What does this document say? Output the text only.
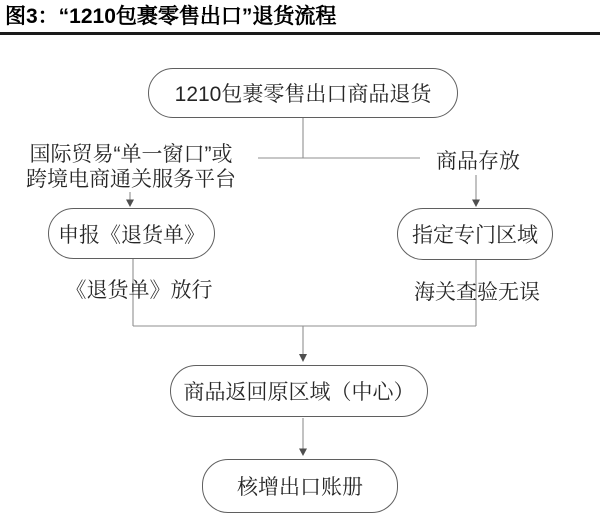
图3：“1210包裹零售出口”退货流程
1210包裹零售出口商品退货
国际贸易“单一窗口”或
跨境电商通关服务平台
商品存放
申报《退货单》	指定专门区域
《退货单》放行	海关查验无误
商品返回原区域（中心）
核增出口账册
